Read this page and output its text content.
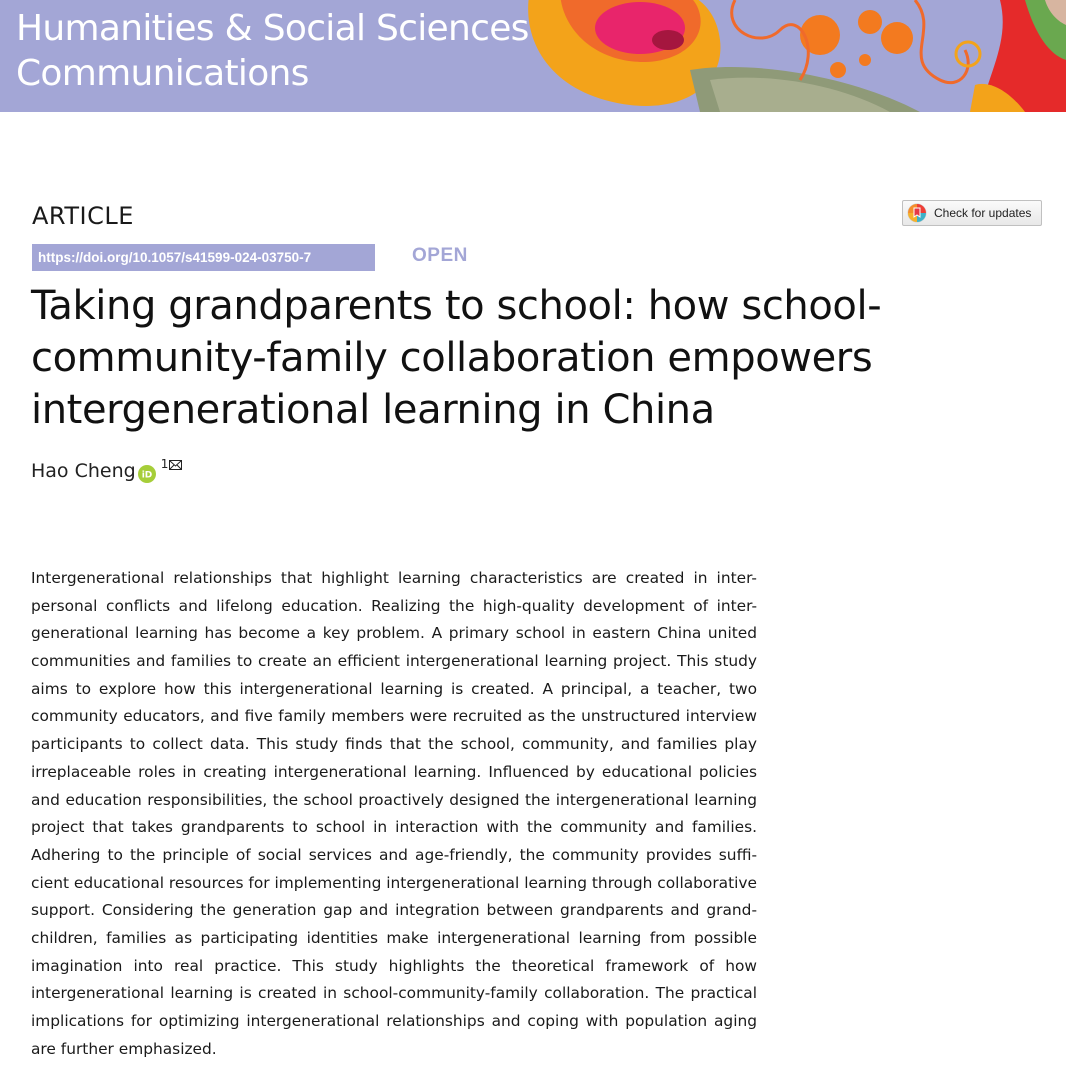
Humanities & Social Sciences
Communications
ARTICLE	Check for updates
https://doi.org/10.1057/s41599-024-03750-7	OPEN
Taking grandparents to school: how school-
community-family collaboration empowers
intergenerational learning in China
Hao Cheng iD
1
Intergenerational relationships that highlight learning characteristics are created in inter-
personal conflicts and lifelong education. Realizing the high-quality development of inter-
generational learning has become a key problem. A primary school in eastern China united
communities and families to create an efficient intergenerational learning project. This study
aims to explore how this intergenerational learning is created. A principal, a teacher, two
community educators, and five family members were recruited as the unstructured interview
participants to collect data. This study finds that the school, community, and families play
irreplaceable roles in creating intergenerational learning. Influenced by educational policies
and education responsibilities, the school proactively designed the intergenerational learning
project that takes grandparents to school in interaction with the community and families.
Adhering to the principle of social services and age-friendly, the community provides suffi-
cient educational resources for implementing intergenerational learning through collaborative
support. Considering the generation gap and integration between grandparents and grand-
children, families as participating identities make intergenerational learning from possible
imagination into real practice. This study highlights the theoretical framework of how
intergenerational learning is created in school-community-family collaboration. The practical
implications for optimizing intergenerational relationships and coping with population aging
are further emphasized.
